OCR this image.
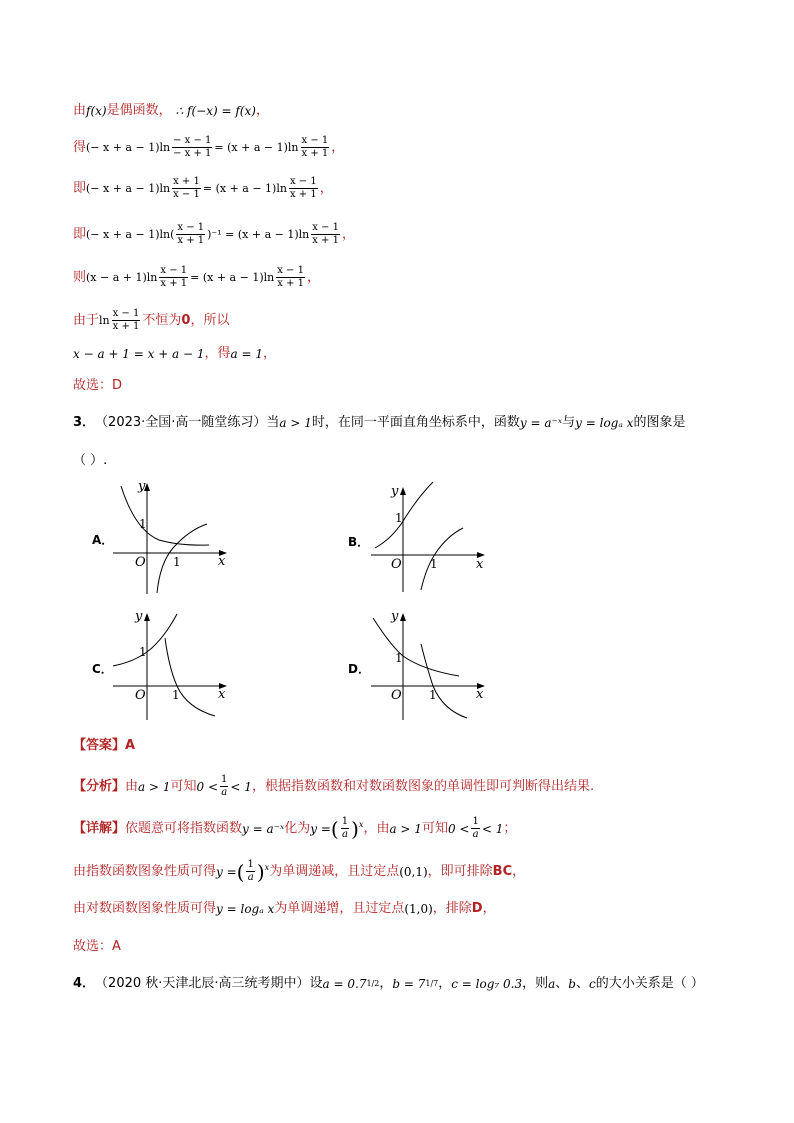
由 f(x) 是偶函数， ∴ f(−x) = f(x) ，
得 (− $x + a - 1)\ln \frac{- x - 1}{- x + 1} = (x + a - 1)\ln \frac{x - 1}{x + 1}$ ，
即 (− $x + a - 1)\ln \frac{x + 1}{x - 1} = (x + a - 1)\ln \frac{x - 1}{x + 1}$ ，
即 (− $x + a - 1)\ln( \frac{x - 1}{x + 1} )^{-1} = (x + a - 1)\ln \frac{x - 1}{x + 1}$ ，
则 $(x - a + 1)\ln \frac{x - 1}{x + 1} = (x + a - 1)\ln \frac{x - 1}{x + 1}$ ，
由于 $\ln \frac{x - 1}{x + 1}$ 不恒为 0 ，所以
x − a + 1 = x + a − 1 ，得 a = 1 ，
故选：D
3． （2023·全国·高一随堂练习） 当 a > 1 时，在同一平面直角坐标系中，函数 y = a⁻ˣ 与 y = logₐ x 的图象是
（ ）.
A．
y
x
O
1
1
B．
y
x
O
1
1
C．
y
x
O
1
1
D．
y
x
O
1
1
【答案】 A
【分析】 由 a > 1 可知 $0 < \frac{1}{a} < 1$ ，根据指数函数和对数函数图象的单调性即可判断得出结果.
【详解】 依题意可将指数函数 y = a⁻ˣ 化为 y = ( $\frac{1}{a} )^x$ ，由 a > 1 可知 $0 < \frac{1}{a} < 1$ ；
由指数函数图象性质可得 y = ( $\frac{1}{a} )^x$ 为单调递减，且过定点 (0,1) ，即可排除 BC ，
由对数函数图象性质可得 y = logₐ x 为单调递增，且过定点 (1,0) ，排除 D ，
故选：A
4． （2020 秋·天津北辰·高三统考期中） 设 a = 0.7 1/2 ， b = 7 1/7 ， c = log₇ 0.3 ，则 a 、 b 、 c 的大小关系是（ ）
